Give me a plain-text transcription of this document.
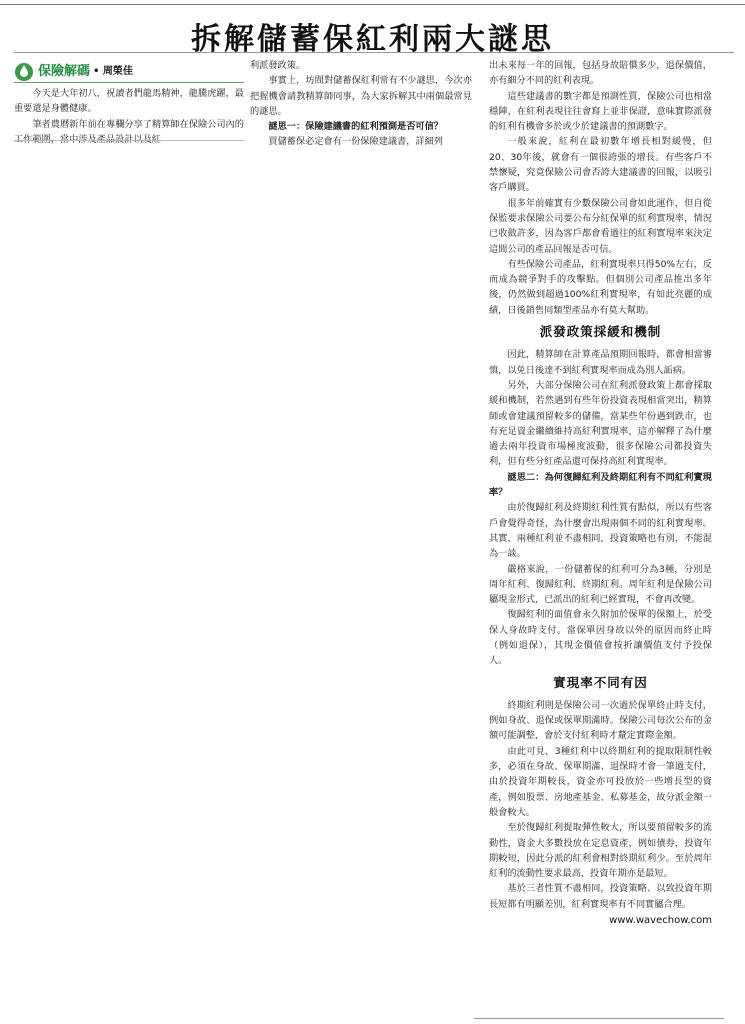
拆解儲蓄保紅利兩大謎思
保險解碼 • 周榮佳

今天是大年初八，祝讀者們龍馬精神，龍騰虎躍，最重要還是身體健康。

筆者農曆新年前在專欄分享了精算師在保險公司內的

利派發政策。

事實上，坊間對儲蓄保紅利常有不少謎思，今次亦把握機會請教精算師同事，為大家拆解其中兩個最常見的謎思。

謎思一：保險建議書的紅利預測是否可信？

買儲蓄保必定會有一份保險建議書，詳細列

出未來每一年的回報，包括身故賠償多少，退保價值，亦有細分不同的紅利表現。

這些建議書的數字都是預測性質，保險公司也相當穩陣，在紅利表現往往會寫上並非保證，意味實際派發的紅利有機會多於或少於建議書的預測數字。

一般來說，紅利在最初數年增長相對緩慢，但20、30年後，就會有一個很誇張的增長。有些客戶不禁懷疑，究竟保險公司會否誇大建議書的回報，以吸引客戶購買。

很多年前確實有少數保險公司會如此運作，但自從保監要求保險公司要公布分紅保單的紅利實現率，情況已收斂許多，因為客戶都會看過往的紅利實現率來決定這間公司的產品回報是否可信。

有些保險公司產品，紅利實現率只得50%左右，反而成為競爭對手的攻擊點。但個別公司產品推出多年後，仍然做到超過100%紅利實現率，有如此亮麗的成績，日後銷售同類型產品亦有莫大幫助。

派發政策採緩和機制

因此，精算師在計算產品預期回報時，都會相當審慎，以免日後達不到紅利實現率而成為別人詬病。

另外，大部分保險公司在紅利派發政策上都會採取緩和機制，若然遇到有些年份投資表現相當突出，精算師或會建議預留較多的儲備，當某些年份遇到跌市，也有充足資金繼續維持高紅利實現率，這亦解釋了為什麼過去兩年投資市場極度波動，很多保險公司都投資失利，但有些分紅產品還可保持高紅利實現率。

謎思二：為何復歸紅利及終期紅利有不同紅利實現率？

由於復歸紅利及終期紅利性質有點似，所以有些客戶會覺得奇怪，為什麼會出現兩個不同的紅利實現率。其實，兩種紅利並不盡相同，投資策略也有別，不能混為一談。

嚴格來說，一份儲蓄保的紅利可分為3種，分別是周年紅利、復歸紅利、終期紅利。周年紅利是保險公司屬現金形式，已派出的紅利已經實現，不會再改變。

復歸紅利的面值會永久附加於保單的保額上，於受保人身故時支付。當保單因身故以外的原因而終止時（例如退保），其現金價值會按折讓價值支付予投保人。

實現率不同有因

終期紅利則是保險公司一次過於保單終止時支付，例如身故、退保或保單期滿時。保險公司每次公布的金額可能調整，會於支付紅利時才釐定實際金額。

由此可見，3種紅利中以終期紅利的提取限制性較多，必須在身故、保單期滿、退保時才會一筆過支付，由於投資年期較長，資金亦可投放於一些增長型的資產，例如股票、房地產基金、私募基金，故分派金額一般會較大。

至於復歸紅利提取彈性較大，所以要預留較多的流動性，資金大多數投放在定息資產，例如債券，投資年期較短，因此分派的紅利會相對終期紅利少。至於周年紅利的流動性要求最高，投資年期亦是最短。

基於三者性質不盡相同，投資策略、以致投資年期長短都有明顯差別，紅利實現率有不同實屬合理。

www.wavechow.com
